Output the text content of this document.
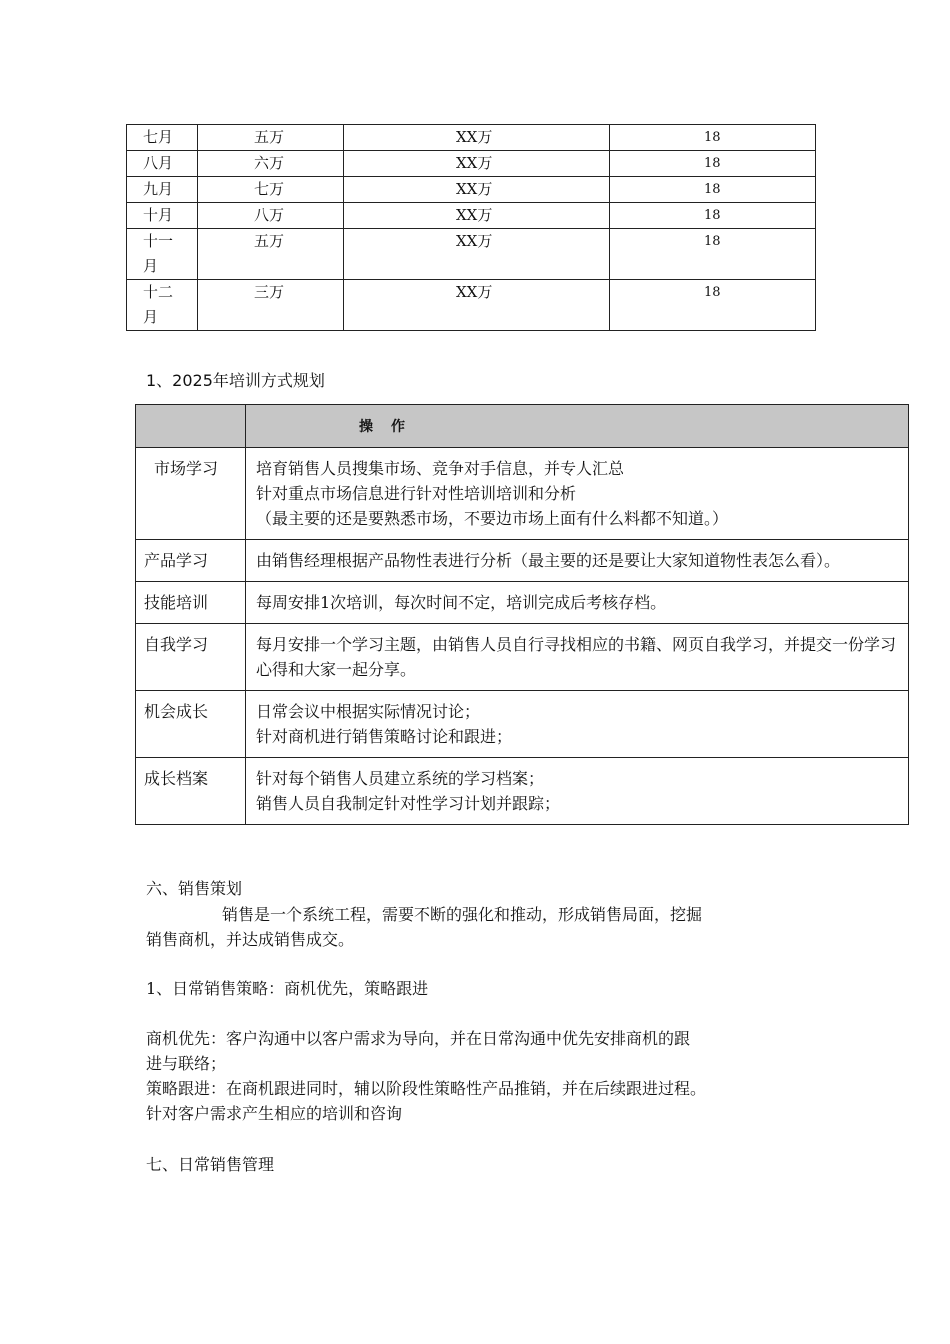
七月	五万	XX万	18
八月	六万	XX万	18
九月	七万	XX万	18
十月	八万	XX万	18
十一
月	五万	XX万	18
十二
月	三万	XX万	18
1、2025年培训方式规划
	操　作
市场学习	培育销售人员搜集市场、竞争对手信息，并专人汇总
针对重点市场信息进行针对性培训培训和分析
（最主要的还是要熟悉市场，不要边市场上面有什么料都不知道。）

产品学习	由销售经理根据产品物性表进行分析（最主要的还是要让大家知道物性表怎么看）。

技能培训	每周安排1次培训，每次时间不定，培训完成后考核存档。

自我学习	每月安排一个学习主题，由销售人员自行寻找相应的书籍、网页自我学习，并提交一份学习心得和大家一起分享。

机会成长	日常会议中根据实际情况讨论；
针对商机进行销售策略讨论和跟进；

成长档案	针对每个销售人员建立系统的学习档案；
销售人员自我制定针对性学习计划并跟踪；
六、销售策划
销售是一个系统工程，需要不断的强化和推动，形成销售局面，挖掘
销售商机，并达成销售成交。
1、日常销售策略：商机优先，策略跟进
商机优先：客户沟通中以客户需求为导向，并在日常沟通中优先安排商机的跟
进与联络；
策略跟进：在商机跟进同时，辅以阶段性策略性产品推销，并在后续跟进过程。
针对客户需求产生相应的培训和咨询
七、日常销售管理
